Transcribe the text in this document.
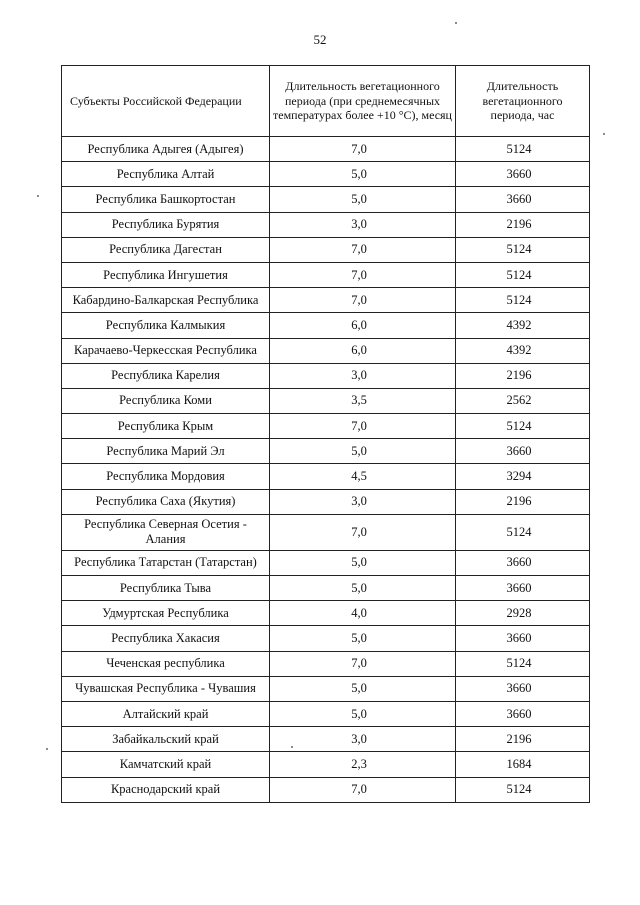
52
Субъекты Российской Федерации	Длительность вегетационного периода (при среднемесячных температурах более +10 °С), месяц	Длительность вегетационного периода, час
Республика Адыгея (Адыгея)	7,0	5124
Республика Алтай	5,0	3660
Республика Башкортостан	5,0	3660
Республика Бурятия	3,0	2196
Республика Дагестан	7,0	5124
Республика Ингушетия	7,0	5124
Кабардино-Балкарская Республика	7,0	5124
Республика Калмыкия	6,0	4392
Карачаево-Черкесская Республика	6,0	4392
Республика Карелия	3,0	2196
Республика Коми	3,5	2562
Республика Крым	7,0	5124
Республика Марий Эл	5,0	3660
Республика Мордовия	4,5	3294
Республика Саха (Якутия)	3,0	2196
Республика Северная Осетия - Алания	7,0	5124
Республика Татарстан (Татарстан)	5,0	3660
Республика Тыва	5,0	3660
Удмуртская Республика	4,0	2928
Республика Хакасия	5,0	3660
Чеченская республика	7,0	5124
Чувашская Республика - Чувашия	5,0	3660
Алтайский край	5,0	3660
Забайкальский край	3,0	2196
Камчатский край	2,3	1684
Краснодарский край	7,0	5124
